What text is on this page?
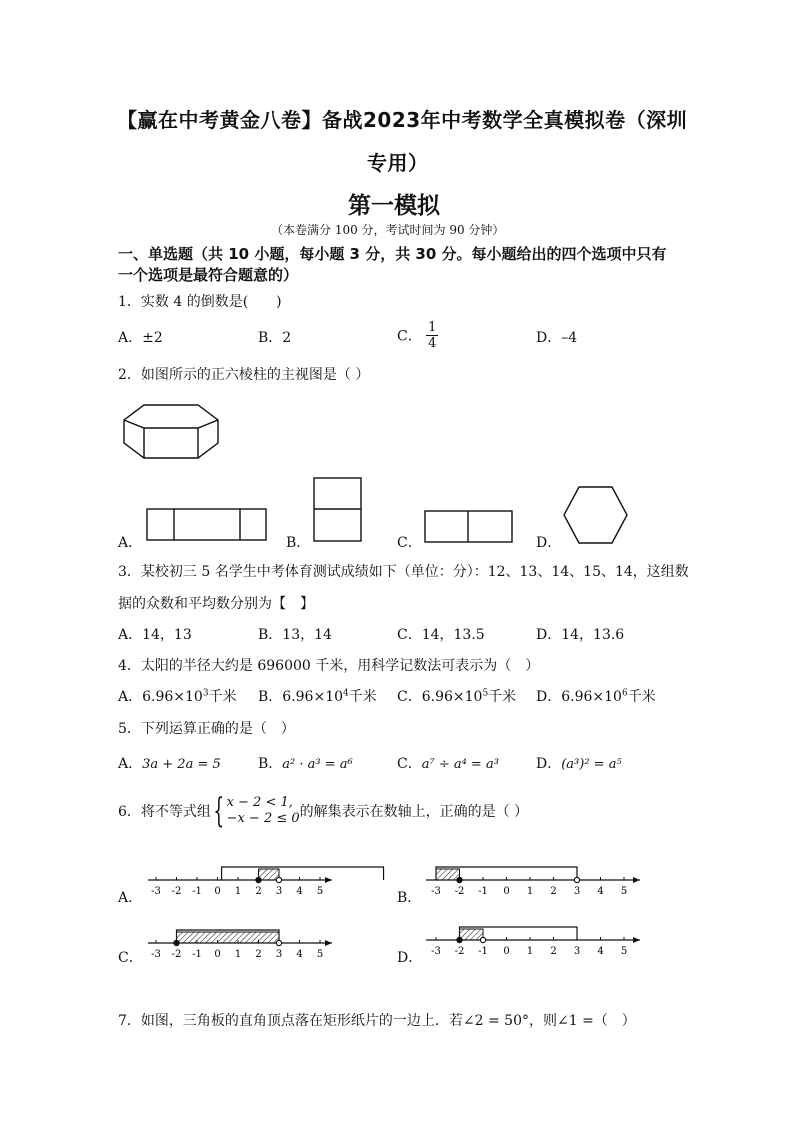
【赢在中考黄金八卷】备战2023年中考数学全真模拟卷（深圳
专用）
第一模拟
（本卷满分 100 分，考试时间为 90 分钟）
一、单选题（共 10 小题，每小题 3 分，共 30 分。每小题给出的四个选项中只有
一个选项是最符合题意的）
1．实数 4 的倒数是(　　)
A．±2	B．2	C． $\frac{1}{4}$	D．–4
2．如图所示的正六棱柱的主视图是（ ）
A．	B．	C．	D．
3．某校初三 5 名学生中考体育测试成绩如下（单位：分）：12、13、14、15、14，这组数
据的众数和平均数分别为【　】
A．14，13	B．13，14	C．14，13.5	D．14，13.6
4．太阳的半径大约是 696000 千米，用科学记数法可表示为（　）
A．$6.96\times 10^3$千米 B．$6.96\times 10^4$千米 C．$6.96\times 10^5$千米 D．$6.96\times 10^6$千米
5．下列运算正确的是（　）
A．3a + 2a = 5	B．a² · a³ = a⁶	C．a⁷ ÷ a⁴ = a³	D．(a³)² = a⁵
6．将不等式组{ x − 2 < 1,
−x − 2 ≤ 0 的解集表示在数轴上，正确的是（ ）
A． -3 -2 -1 0 1 2 3 4 5	B． -3 -2 -1 0 1 2 3 4 5
C． -3 -2 -1 0 1 2 3 4 5	D． -3 -2 -1 0 1 2 3 4 5
7．如图，三角板的直角顶点落在矩形纸片的一边上．若∠2 = 50°，则∠1 =（　）
